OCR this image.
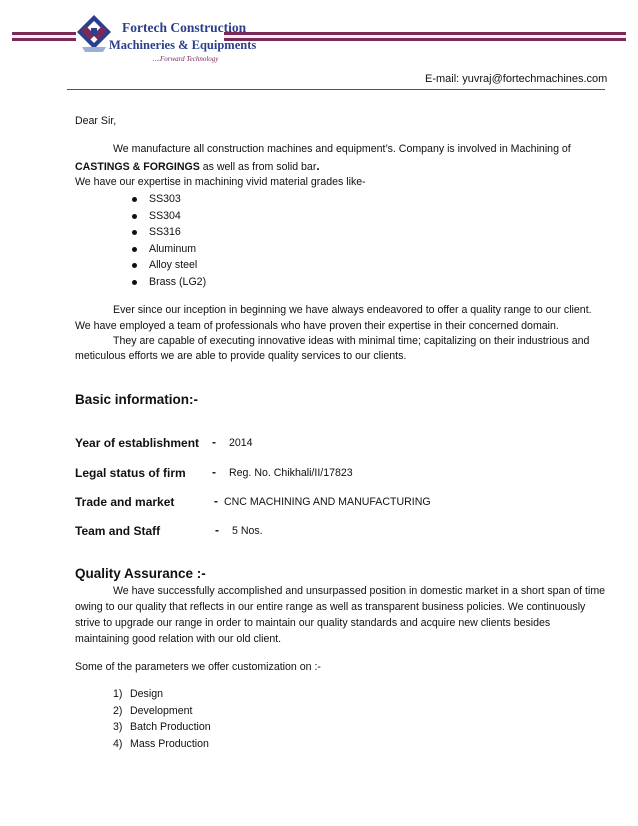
Fortech Construction
Machineries & Equipments
....Forward Technology
E-mail: yuvraj@fortechmachines.com
Dear Sir,
We manufacture all construction machines and equipment’s. Company is involved in Machining of
CASTINGS & FORGINGS as well as from solid bar.
We have our expertise in machining vivid material grades like-
SS303
SS304
SS316
Aluminum
Alloy steel
Brass (LG2)
Ever since our inception in beginning we have always endeavored to offer a quality range to our client.
We have employed a team of professionals who have proven their expertise in their concerned domain.
They are capable of executing innovative ideas with minimal time; capitalizing on their industrious and
meticulous efforts we are able to provide quality services to our clients.
Basic information:-
Year of establishment - 2014
Legal status of firm - Reg. No. Chikhali/II/17823
Trade and market	- CNC MACHINING AND MANUFACTURING
Team and Staff	- 5 Nos.
Quality Assurance :-
We have successfully accomplished and unsurpassed position in domestic market in a short span of time
owing to our quality that reflects in our entire range as well as transparent business policies. We continuously
strive to upgrade our range in order to maintain our quality standards and acquire new clients besides
maintaining good relation with our old client.
Some of the parameters we offer customization on :-
1) Design
2) Development
3) Batch Production
4) Mass Production
